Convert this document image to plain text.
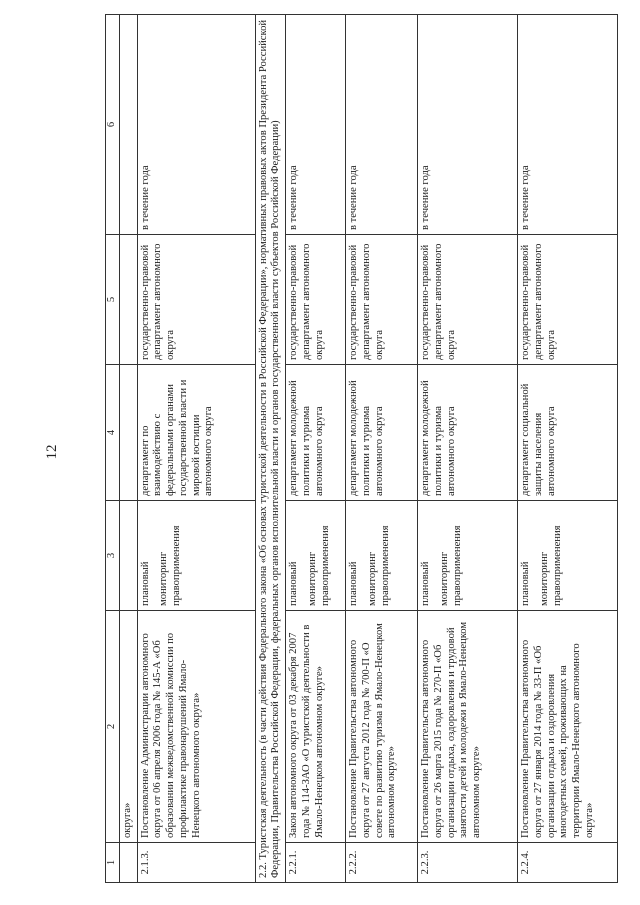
12
1	2	3	4	5	6
	округа»				
2.1.3.	Постановление Администрации автономного округа от 06 апреля 2006 года № 145-А «Об образовании межведомственной комиссии по профилактике правонарушений Ямало-Ненецкого автономного округа»	плановый мониторинг правоприменения	департамент по взаимодействию с федеральными органами государственной власти и мировой юстиции автономного округа	государственно-правовой департамент автономного округа	в течение года
2.2. Туристская деятельность (в части действия Федерального закона «Об основах туристской деятельности в Российской Федерации», нормативных правовых актов Президента Российской Федерации, Правительства Российской Федерации, федеральных органов исполнительной власти и органов государственной власти субъектов Российской Федерации)					
2.2.1.	Закон автономного округа от 03 декабря 2007 года № 114-ЗАО «О туристской деятельности в Ямало-Ненецком автономном округе»	плановый мониторинг правоприменения	департамент молодежной политики и туризма автономного округа	государственно-правовой департамент автономного округа	в течение года
2.2.2.	Постановление Правительства автономного округа от 27 августа 2012 года № 700-П «О совете по развитию туризма в Ямало-Ненецком автономном округе»	плановый мониторинг правоприменения	департамент молодежной политики и туризма автономного округа	государственно-правовой департамент автономного округа	в течение года
2.2.3.	Постановление Правительства автономного округа от 26 марта 2015 года № 270-П «Об организации отдыха, оздоровления и трудовой занятости детей и молодежи в Ямало-Ненецком автономном округе»	плановый мониторинг правоприменения	департамент молодежной политики и туризма автономного округа	государственно-правовой департамент автономного округа	в течение года
2.2.4.	Постановление Правительства автономного округа от 27 января 2014 года № 33-П «Об организации отдыха и оздоровления многодетных семей, проживающих на территории Ямало-Ненецкого автономного округа»	плановый мониторинг правоприменения	департамент социальной защиты населения автономного округа	государственно-правовой департамент автономного округа	в течение года
